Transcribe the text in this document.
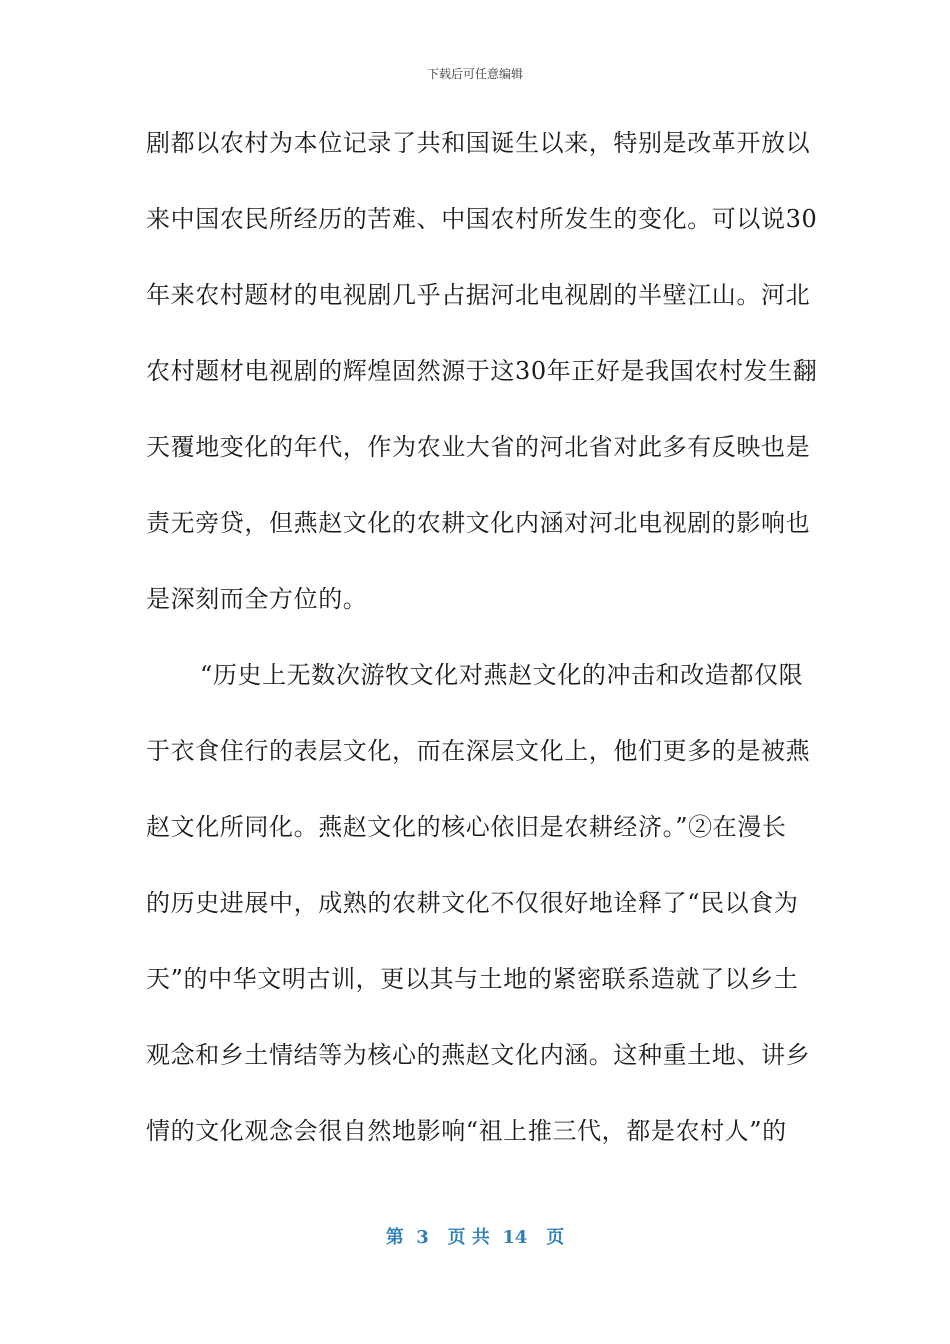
下载后可任意编辑
剧都以农村为本位记录了共和国诞生以来，特别是改革开放以
来中国农民所经历的苦难、中国农村所发生的变化。可以说30
年来农村题材的电视剧几乎占据河北电视剧的半壁江山。河北
农村题材电视剧的辉煌固然源于这30年正好是我国农村发生翻
天覆地变化的年代，作为农业大省的河北省对此多有反映也是
责无旁贷，但燕赵文化的农耕文化内涵对河北电视剧的影响也
是深刻而全方位的。
“历史上无数次游牧文化对燕赵文化的冲击和改造都仅限
于衣食住行的表层文化，而在深层文化上，他们更多的是被燕
赵文化所同化。燕赵文化的核心依旧是农耕经济。”②在漫长
的历史进展中，成熟的农耕文化不仅很好地诠释了“民以食为
天”的中华文明古训，更以其与土地的紧密联系造就了以乡土
观念和乡土情结等为核心的燕赵文化内涵。这种重土地、讲乡
情的文化观念会很自然地影响“祖上推三代，都是农村人”的
第  3   页 共  14   页
